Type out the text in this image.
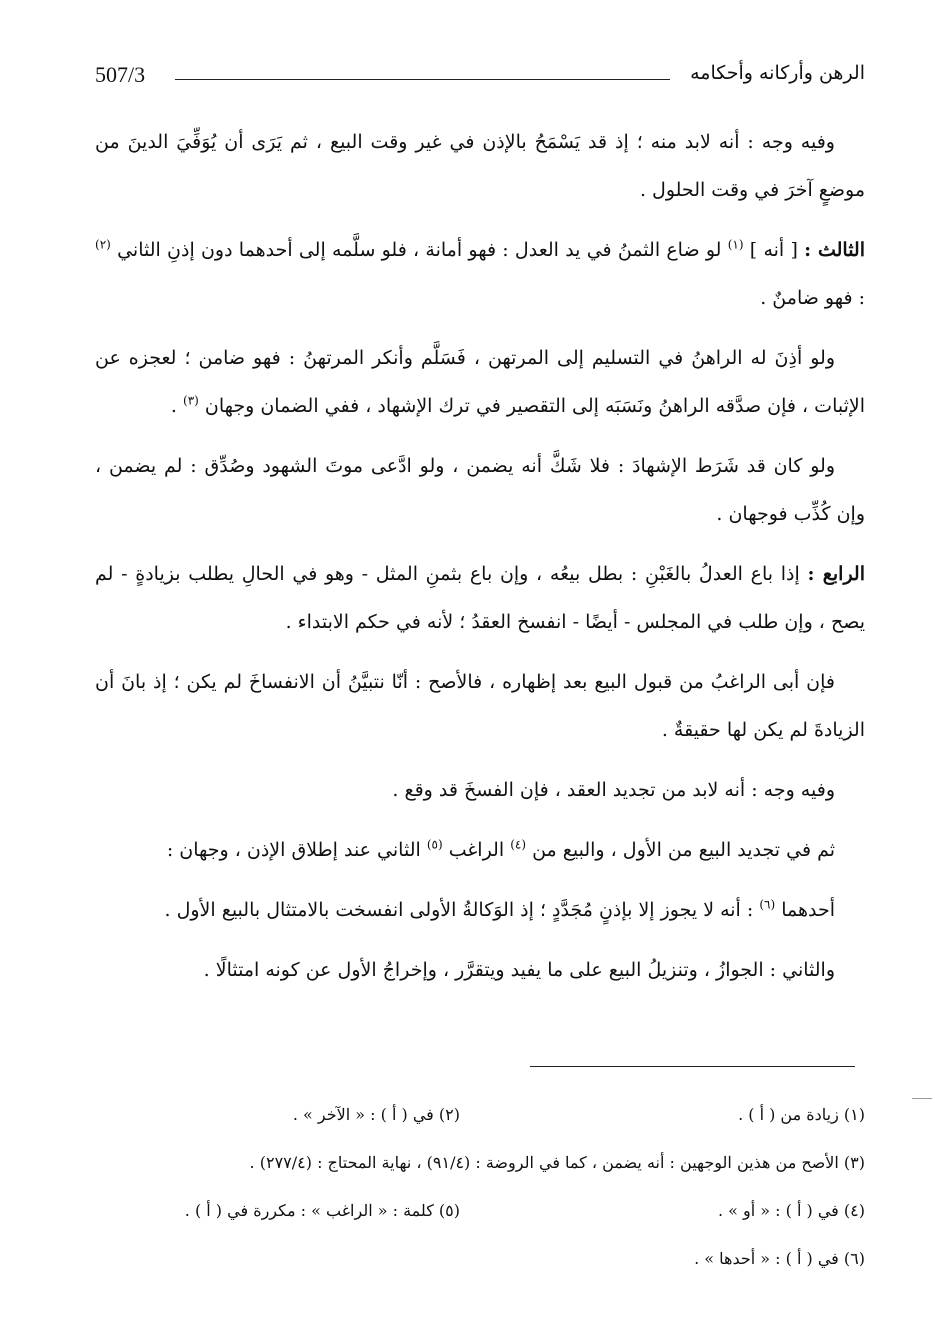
507/3	الرهن وأركانه وأحكامه

وفيه وجه : أنه لابد منه ؛ إذ قد يَسْمَحُ بالإذن في غير وقت البيع ، ثم يَرَى أن يُوَفِّيَ الدينَ من موضعٍ آخرَ في وقت الحلول .

الثالث : [ أنه ] $^{(١)}$ لو ضاع الثمنُ في يد العدل : فهو أمانة ، فلو سلَّمه إلى أحدهما دون إذنِ الثاني $^{(٢)}$ : فهو ضامنٌ .

ولو أذِنَ له الراهنُ في التسليم إلى المرتهن ، فَسَلَّم وأنكر المرتهنُ : فهو ضامن ؛ لعجزه عن الإثبات ، فإن صدَّقه الراهنُ ونَسَبَه إلى التقصير في ترك الإشهاد ، ففي الضمان وجهان $^{(٣)}$ .

ولو كان قد شَرَط الإشهادَ : فلا شَكَّ أنه يضمن ، ولو ادَّعى موتَ الشهود وصُدِّق : لم يضمن ، وإن كُذِّب فوجهان .

الرابع : إذا باع العدلُ بالغَبْنِ : بطل بيعُه ، وإن باع بثمنِ المثل - وهو في الحالِ يطلب بزيادةٍ - لم يصح ، وإن طلب في المجلس - أيضًا - انفسخ العقدُ ؛ لأنه في حكم الابتداء .

فإن أبى الراغبُ من قبول البيع بعد إظهاره ، فالأصح : أنّا نتبيَّنُ أن الانفساخَ لم يكن ؛ إذ بانَ أن الزيادةَ لم يكن لها حقيقةٌ .

وفيه وجه : أنه لابد من تجديد العقد ، فإن الفسخَ قد وقع .

ثم في تجديد البيع من الأول ، والبيع من $^{(٤)}$ الراغب $^{(٥)}$ الثاني عند إطلاق الإذن ، وجهان :

أحدهما $^{(٦)}$ : أنه لا يجوز إلا بإذنٍ مُجَدَّدٍ ؛ إذ الوَكالةُ الأولى انفسخت بالامتثال بالبيع الأول .

والثاني : الجوازُ ، وتنزيلُ البيع على ما يفيد ويتقرَّر ، وإخراجُ الأول عن كونه امتثالًا .

(١) زيادة من ( أ ) .
(٢) في ( أ ) : « الآخر » .
(٣) الأصح من هذين الوجهين : أنه يضمن ، كما في الروضة : (٩١/٤) ، نهاية المحتاج : (٢٧٧/٤) .
(٤) في ( أ ) : « أو » .
(٥) كلمة : « الراغب » : مكررة في ( أ ) .
(٦) في ( أ ) : « أحدها » .
